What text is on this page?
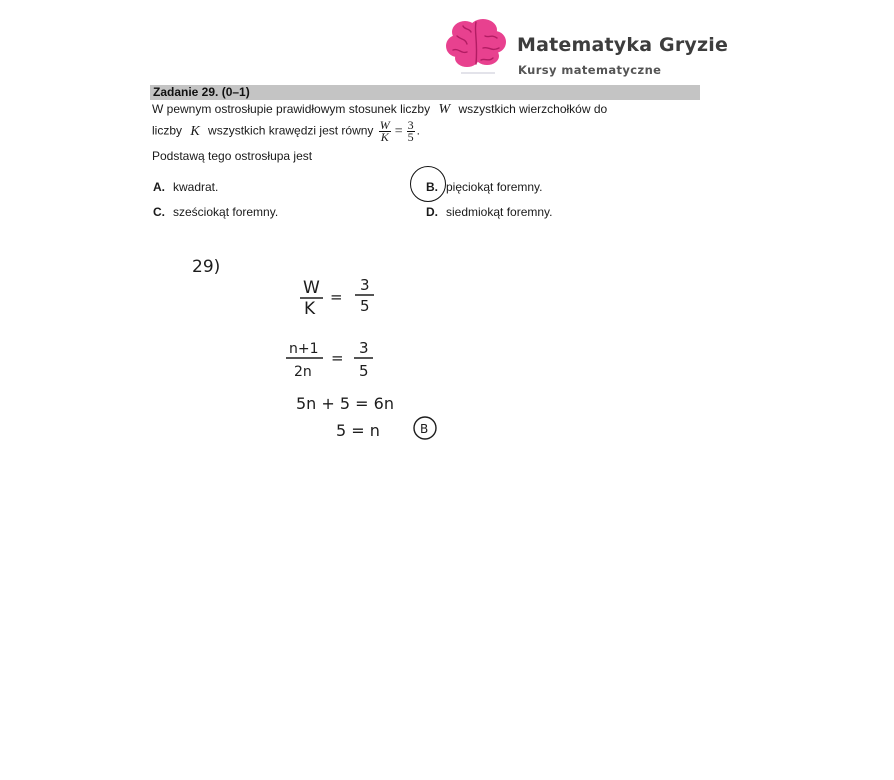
Matematyka Gryzie
Kursy matematyczne
Zadanie 29. (0–1)
W pewnym ostrosłupie prawidłowym stosunek liczby W wszystkich wierzchołków do
liczby K wszystkich krawędzi jest równy $\frac{W}{K} = \frac{3}{5}$ .
Podstawą tego ostrosłupa jest
A. kwadrat.	B. pięciokąt foremny.
C. sześciokąt foremny.	D. siedmiokąt foremny.
29)
W
K
=
3
5
n+1
2n
=
3
5
5n + 5 = 6n
5 = n	B
